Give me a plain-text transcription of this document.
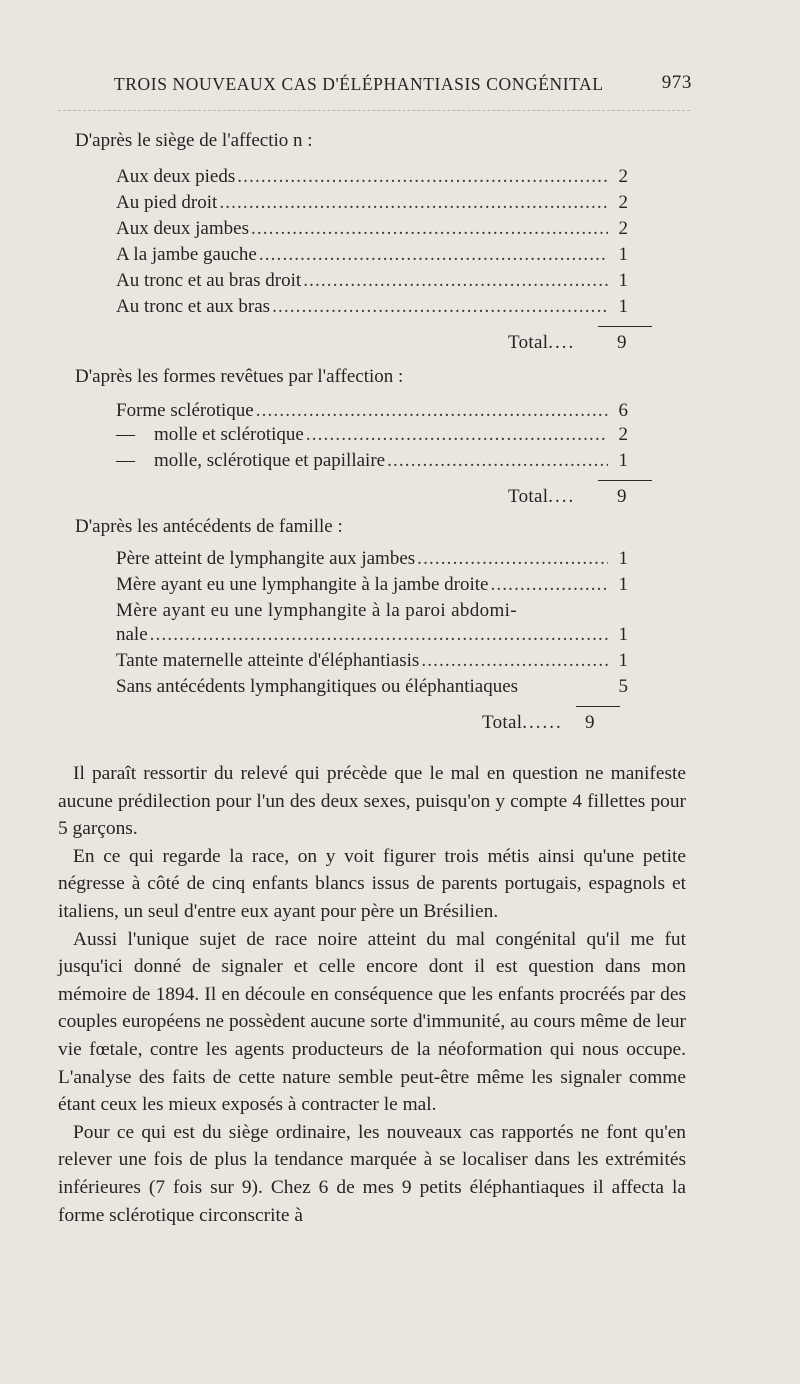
TROIS NOUVEAUX CAS D'ÉLÉPHANTIASIS CONGÉNITAL	973
D'après le siège de l'affectio n :
Aux deux pieds . . .	2
Au pied droit . . .	2
Aux deux jambes . . .	2
A la jambe gauche . . .	1
Au tronc et au bras droit . . .	1
Au tronc et aux bras . . .	1
Total .... 9
D'après les formes revêtues par l'affection :
Forme sclérotique . . .	6
—    molle et sclérotique . . .	2
—    molle, sclérotique et papillaire . . .	1
Total .... 9
D'après les antécédents de famille :
Père atteint de lymphangite aux jambes . . .	1
Mère ayant eu une lymphangite à la jambe droite . . .	1
Mère ayant eu une lymphangite à la paroi abdomi-
nale . . .	1
Tante maternelle atteinte d'éléphantiasis . . .	1
Sans antécédents lymphangitiques ou éléphantiaques	5
Total ...... 9

Il paraît ressortir du relevé qui précède que le mal en question ne manifeste aucune prédilection pour l'un des deux sexes, puisqu'on y compte 4 fillettes pour 5 garçons.

En ce qui regarde la race, on y voit figurer trois métis ainsi qu'une petite négresse à côté de cinq enfants blancs issus de parents portugais, espagnols et italiens, un seul d'entre eux ayant pour père un Brésilien.

Aussi l'unique sujet de race noire atteint du mal congénital qu'il me fut jusqu'ici donné de signaler et celle encore dont il est question dans mon mémoire de 1894. Il en découle en conséquence que les enfants procréés par des couples européens ne possèdent aucune sorte d'immunité, au cours même de leur vie fœtale, contre les agents producteurs de la néoformation qui nous occupe. L'analyse des faits de cette nature semble peut-être même les signaler comme étant ceux les mieux exposés à contracter le mal.

Pour ce qui est du siège ordinaire, les nouveaux cas rapportés ne font qu'en relever une fois de plus la tendance marquée à se localiser dans les extrémités inférieures (7 fois sur 9). Chez 6 de mes 9 petits éléphantiaques il affecta la forme sclérotique circonscrite à
